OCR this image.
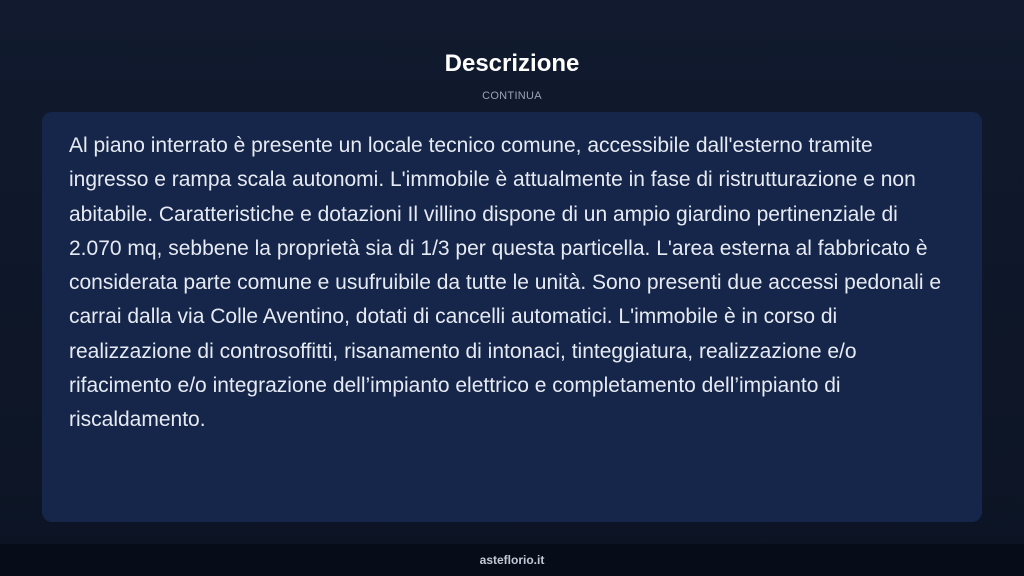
Descrizione
CONTINUA

Al piano interrato è presente un locale tecnico comune, accessibile dall'esterno tramite ingresso e rampa scala autonomi. L'immobile è attualmente in fase di ristrutturazione e non abitabile. Caratteristiche e dotazioni Il villino dispone di un ampio giardino pertinenziale di 2.070 mq, sebbene la proprietà sia di 1/3 per questa particella. L'area esterna al fabbricato è considerata parte comune e usufruibile da tutte le unità. Sono presenti due accessi pedonali e carrai dalla via Colle Aventino, dotati di cancelli automatici. L'immobile è in corso di realizzazione di controsoffitti, risanamento di intonaci, tinteggiatura, realizzazione e/o rifacimento e/o integrazione dell’impianto elettrico e completamento dell’impianto di riscaldamento.

asteflorio.it
